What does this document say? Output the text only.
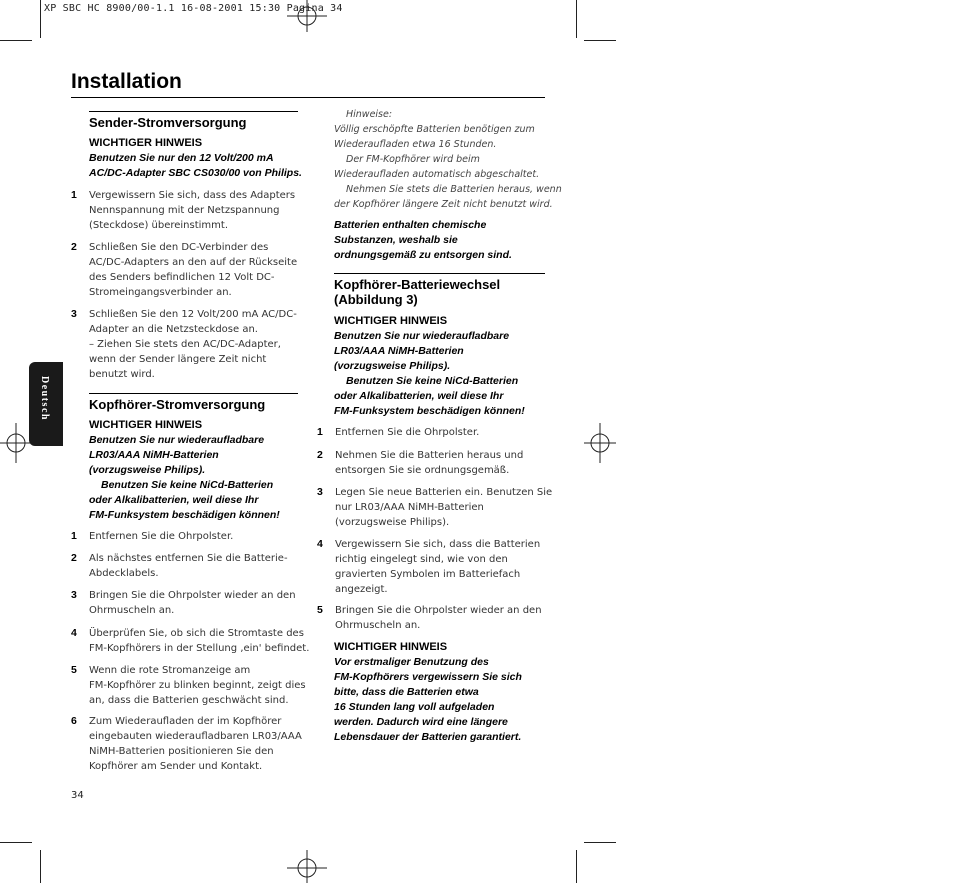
XP SBC HC 8900/00-1.1 16-08-2001 15:30 Pagina 34
Installation
Deutsch
Sender-Stromversorgung
WICHTIGER HINWEIS
Benutzen Sie nur den 12 Volt/200 mA
AC/DC-Adapter SBC CS030/00 von Philips.
1 Vergewissern Sie sich, dass des Adapters
Nennspannung mit der Netzspannung
(Steckdose) übereinstimmt.
2 Schließen Sie den DC-Verbinder des
AC/DC-Adapters an den auf der Rückseite
des Senders befindlichen 12 Volt DC-
Stromeingangsverbinder an.
3 Schließen Sie den 12 Volt/200 mA AC/DC-
Adapter an die Netzsteckdose an.
– Ziehen Sie stets den AC/DC-Adapter,
wenn der Sender längere Zeit nicht
benutzt wird.
Kopfhörer-Stromversorgung
WICHTIGER HINWEIS
Benutzen Sie nur wiederaufladbare
LR03/AAA NiMH-Batterien
(vorzugsweise Philips).
Benutzen Sie keine NiCd-Batterien
oder Alkalibatterien, weil diese Ihr
FM-Funksystem beschädigen können!
1 Entfernen Sie die Ohrpolster.
2 Als nächstes entfernen Sie die Batterie-
Abdecklabels.
3 Bringen Sie die Ohrpolster wieder an den
Ohrmuscheln an.
4 Überprüfen Sie, ob sich die Stromtaste des
FM-Kopfhörers in der Stellung ‚ein' befindet.
5 Wenn die rote Stromanzeige am
FM-Kopfhörer zu blinken beginnt, zeigt dies
an, dass die Batterien geschwächt sind.
6 Zum Wiederaufladen der im Kopfhörer
eingebauten wiederaufladbaren LR03/AAA
NiMH-Batterien positionieren Sie den
Kopfhörer am Sender und Kontakt.
34
Hinweise:
Völlig erschöpfte Batterien benötigen zum
Wiederaufladen etwa 16 Stunden.
Der FM-Kopfhörer wird beim
Wiederaufladen automatisch abgeschaltet.
Nehmen Sie stets die Batterien heraus, wenn
der Kopfhörer längere Zeit nicht benutzt wird.
Batterien enthalten chemische
Substanzen, weshalb sie
ordnungsgemäß zu entsorgen sind.
Kopfhörer-Batteriewechsel
(Abbildung 3)
WICHTIGER HINWEIS
Benutzen Sie nur wiederaufladbare
LR03/AAA NiMH-Batterien
(vorzugsweise Philips).
Benutzen Sie keine NiCd-Batterien
oder Alkalibatterien, weil diese Ihr
FM-Funksystem beschädigen können!
1 Entfernen Sie die Ohrpolster.
2 Nehmen Sie die Batterien heraus und
entsorgen Sie sie ordnungsgemäß.
3 Legen Sie neue Batterien ein. Benutzen Sie
nur LR03/AAA NiMH-Batterien
(vorzugsweise Philips).
4 Vergewissern Sie sich, dass die Batterien
richtig eingelegt sind, wie von den
gravierten Symbolen im Batteriefach
angezeigt.
5 Bringen Sie die Ohrpolster wieder an den
Ohrmuscheln an.
WICHTIGER HINWEIS
Vor erstmaliger Benutzung des
FM-Kopfhörers vergewissern Sie sich
bitte, dass die Batterien etwa
16 Stunden lang voll aufgeladen
werden. Dadurch wird eine längere
Lebensdauer der Batterien garantiert.
